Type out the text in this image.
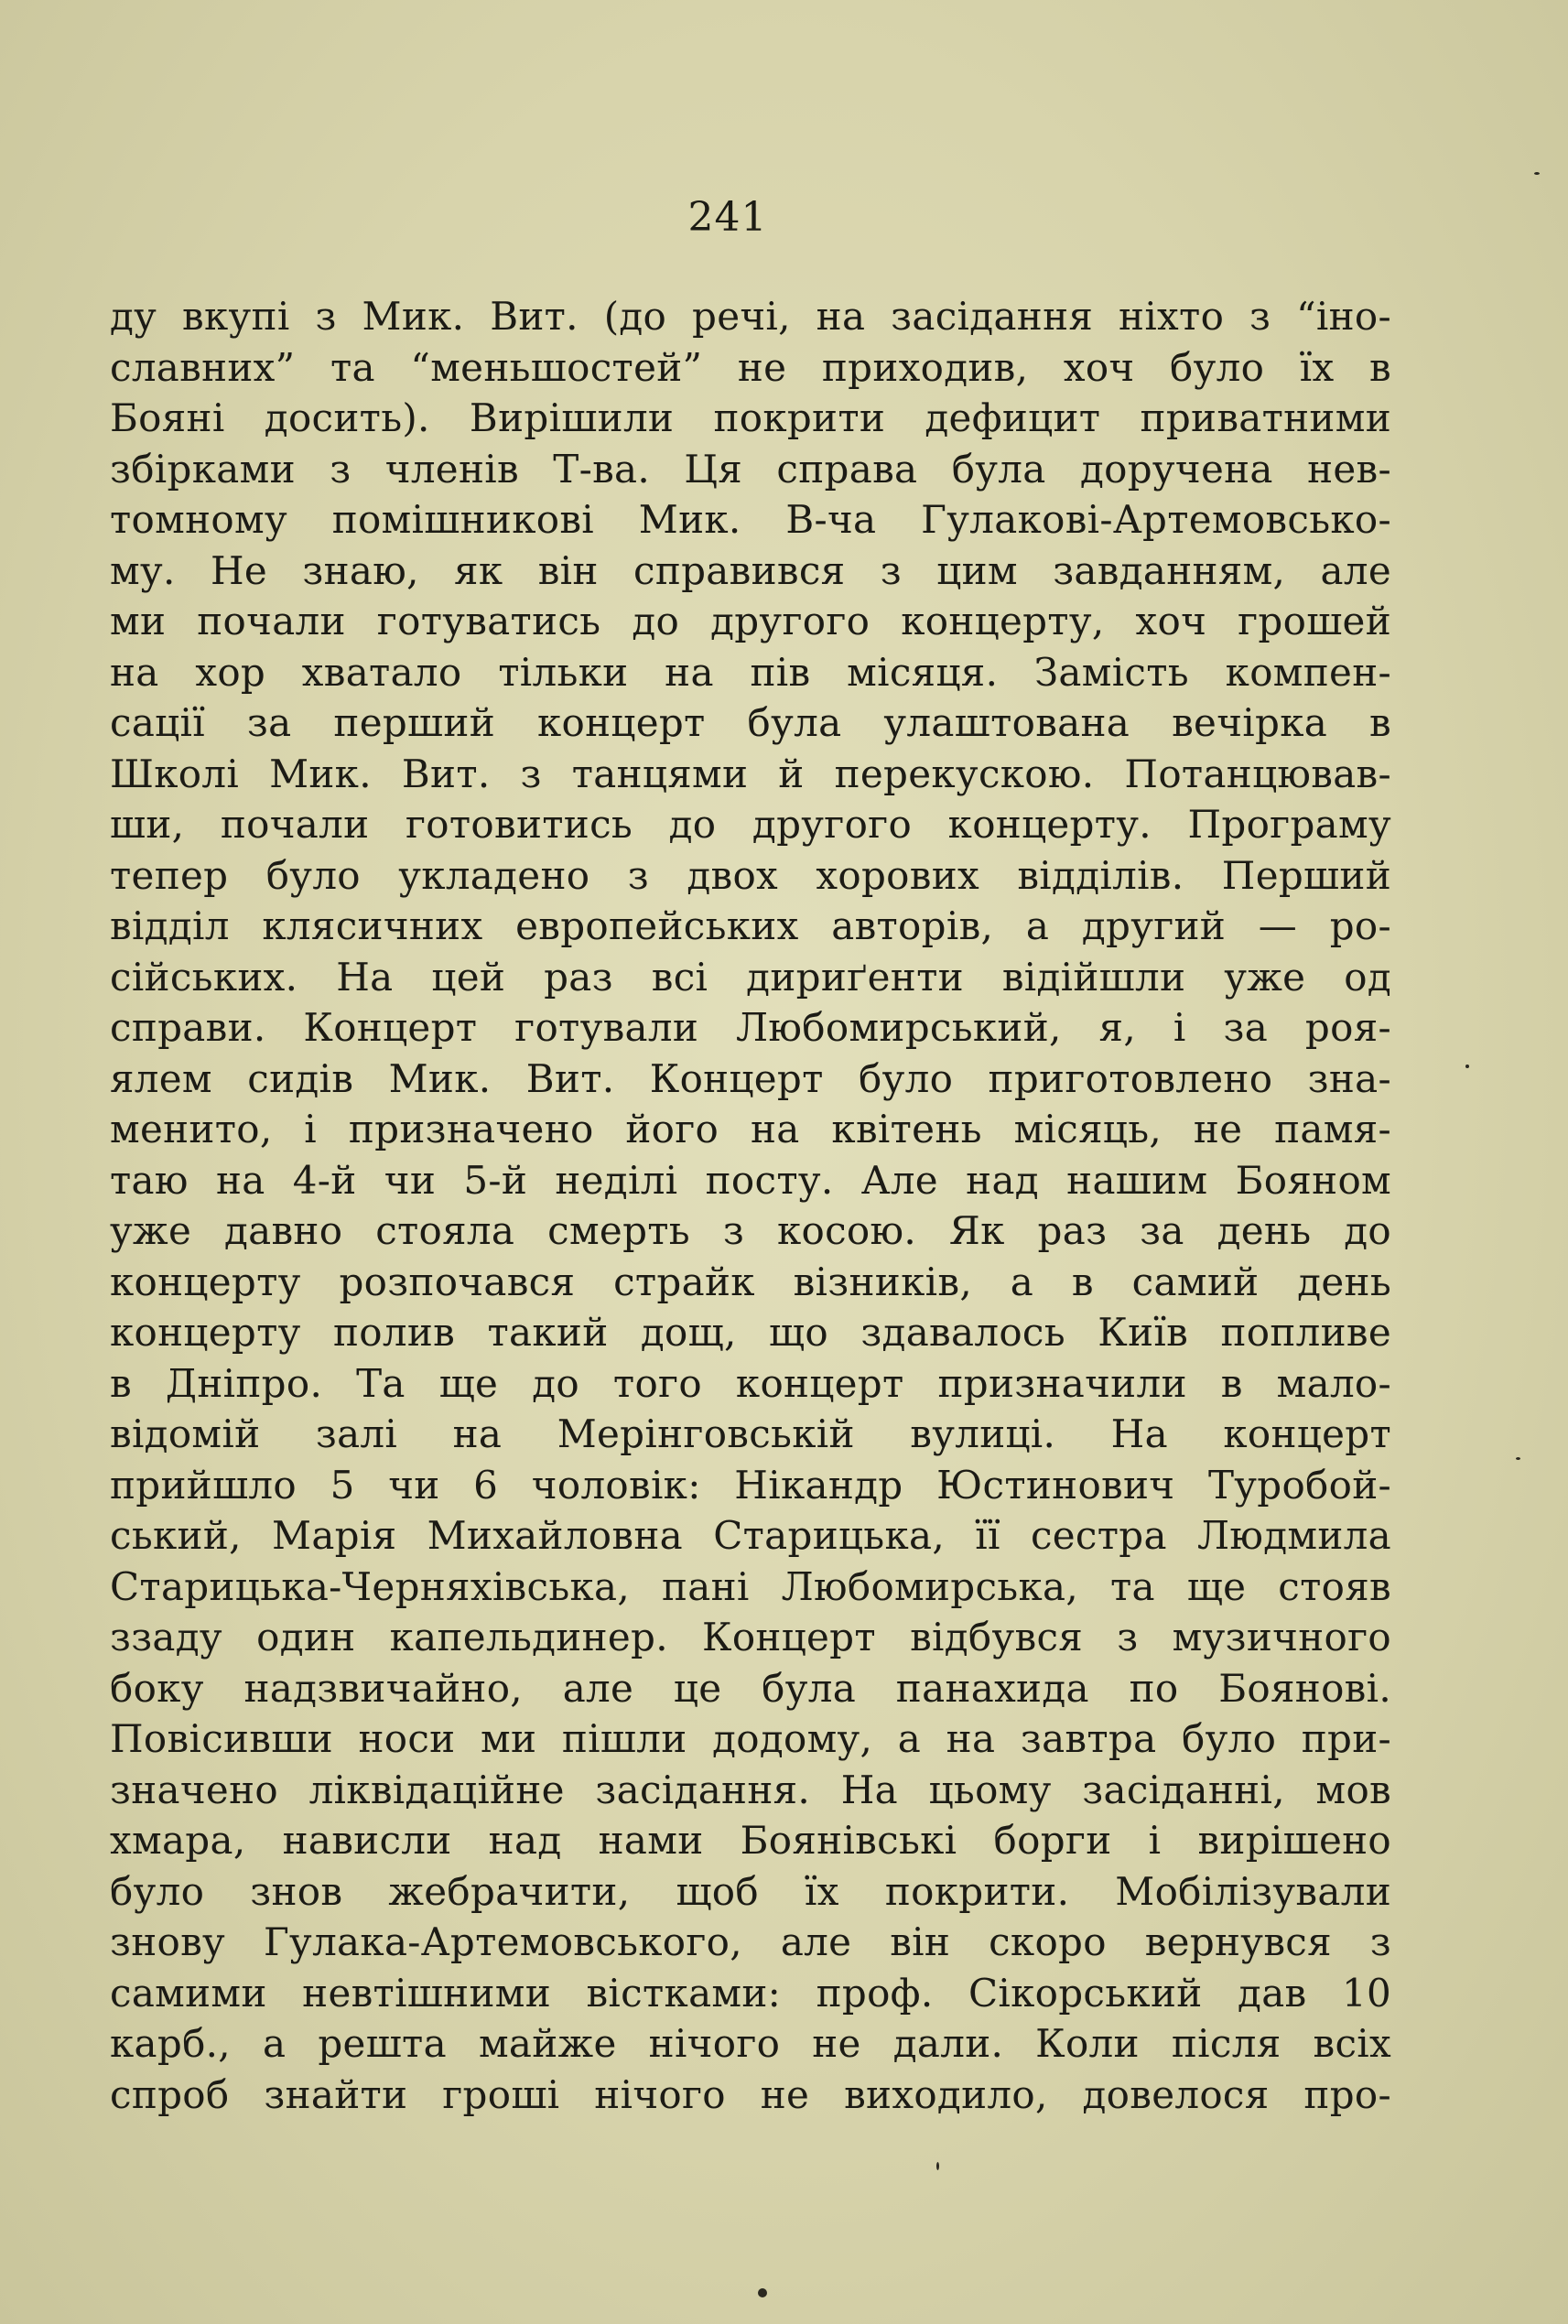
241
ду вкупі з Мик. Вит. (до речі, на засідання ніхто з “іно-
славних” та “меньшостей” не приходив, хоч було їх в
Бояні досить). Вирішили покрити дефицит приватними
збірками з членів Т-ва. Ця справа була доручена нев-
томному помішникові Мик. В-ча Гулакові-Артемовсько-
му. Не знаю, як він справився з цим завданням, але
ми почали готуватись до другого концерту, хоч грошей
на хор хватало тільки на пів місяця. Замість компен-
сації за перший концерт була улаштована вечірка в
Школі Мик. Вит. з танцями й перекускою. Потанцював-
ши, почали готовитись до другого концерту. Програму
тепер було укладено з двох хорових відділів. Перший
відділ клясичних европейських авторів, а другий — ро-
сійських. На цей раз всі дириґенти відійшли уже од
справи. Концерт готували Любомирський, я, і за роя-
ялем сидів Мик. Вит. Концерт було приготовлено зна-
менито, і призначено його на квітень місяць, не памя-
таю на 4-й чи 5-й неділі посту. Але над нашим Бояном
уже давно стояла смерть з косою. Як раз за день до
концерту розпочався страйк візників, а в самий день
концерту полив такий дощ, що здавалось Київ попливе
в Дніпро. Та ще до того концерт призначили в мало-
відомій залі на Мерінговській вулиці. На концерт
прийшло 5 чи 6 чоловік: Нікандр Юстинович Туробой-
ський, Марія Михайловна Старицька, її сестра Людмила
Старицька-Черняхівська, пані Любомирська, та ще стояв
ззаду один капельдинер. Концерт відбувся з музичного
боку надзвичайно, але це була панахида по Боянові.
Повісивши носи ми пішли додому, а на завтра було при-
значено ліквідаційне засідання. На цьому засіданні, мов
хмара, нависли над нами Боянівські борги і вирішено
було знов жебрачити, щоб їх покрити. Мобілізували
знову Гулака-Артемовського, але він скоро вернувся з
самими невтішними вістками: проф. Сікорський дав 10
карб., а решта майже нічого не дали. Коли після всіх
спроб знайти гроші нічого не виходило, довелося про-
